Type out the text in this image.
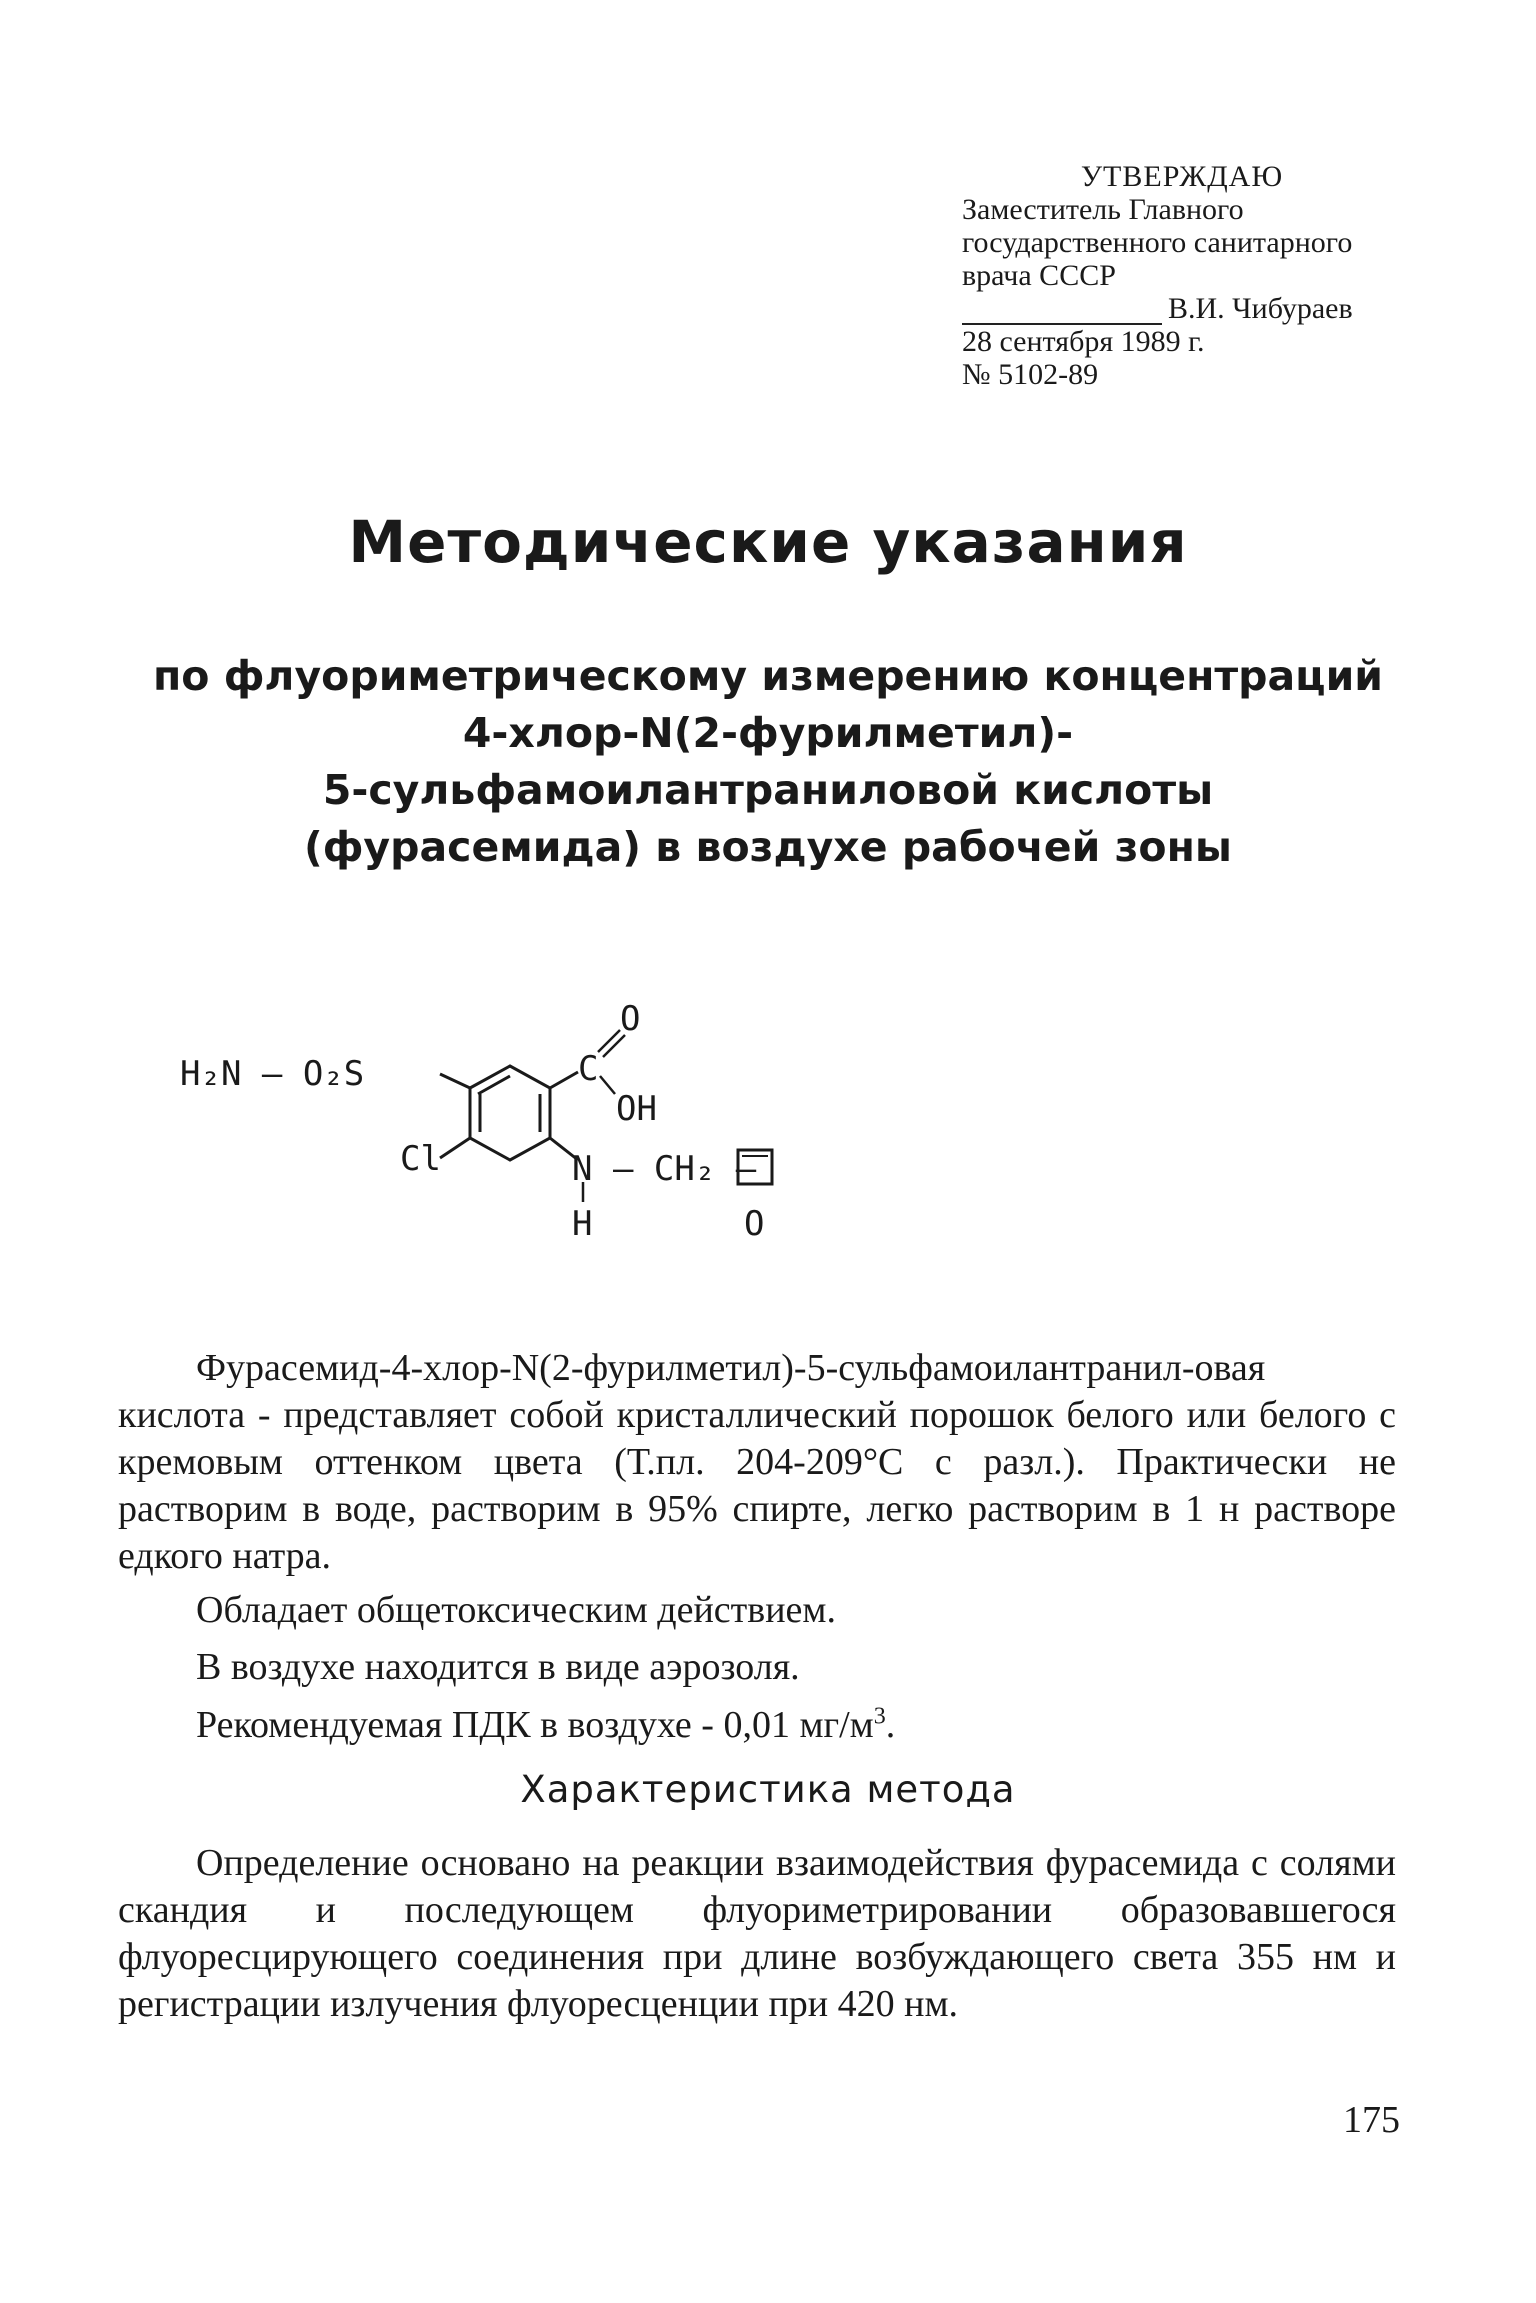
УТВЕРЖДАЮ
Заместитель Главного
государственного санитарного
врача СССР
В.И. Чибураев
28 сентября 1989 г.
№ 5102-89
Методические указания
по флуориметрическому измерению концентраций
4-хлор-N(2-фурилметил)-
5-сульфамоилантраниловой кислоты
(фурасемида) в воздухе рабочей зоны
H₂N – O₂S
Cl
C
O
OH
N – CH₂ —
H	O
Фурасемид-4-хлор-N(2-фурилметил)-5-сульфамоилантранил-овая кислота - представляет собой кристаллический порошок белого или белого с кремовым оттенком цвета (Т.пл. 204-209°С с разл.). Практически не растворим в воде, растворим в 95% спирте, легко растворим в 1 н растворе едкого натра.
Обладает общетоксическим действием.
В воздухе находится в виде аэрозоля.
Рекомендуемая ПДК в воздухе - 0,01 $мг/м^3$.
Характеристика метода
Определение основано на реакции взаимодействия фурасемида с солями скандия и последующем флуориметрировании образовавшегося флуоресцирующего соединения при длине возбуждающего света 355 нм и регистрации излучения флуоресценции при 420 нм.
175
